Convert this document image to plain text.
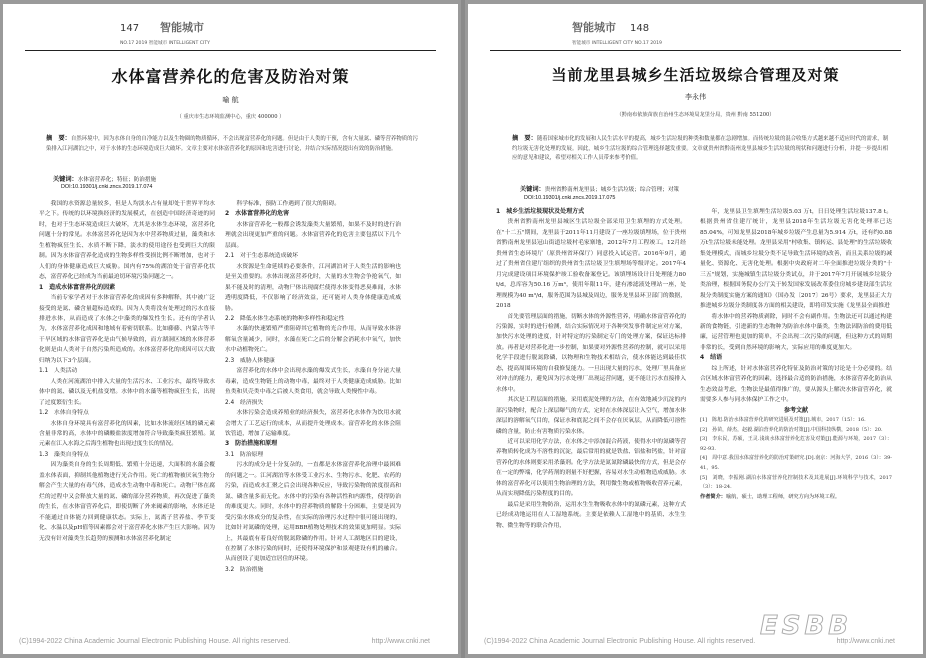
147 智能城市
NO.17 2019 智能城市 INTELLIGENT CITY
水体富营养化的危害及防治对策
喻 航
（ 重庆市生态环境监测中心，重庆 400000 ）
摘　要：自然环境中，因为水体自身的自净能力以及生物圈的物质循环，不会出现富营养化的问题。但是由于人类的干预，含有大量氮、磷等营养物质的污染排入江河湖泊之中，对于水体的生态环境造成巨大破坏。文章主要对水体富营养化的原因和危害进行讨论，并结合实际情况提出有效的防治措施。
关键词：水体富营养化；特征；防治措施
DOI:10.19301/j.cnki.zncs.2019.17.074

我国的水资源总量较多，但是人均淡水占有量却处于世界平均水平之下。传统的以环境换经济的发展模式，在创造中国经济奇迹的同时，也对于生态环境造成巨大破坏，尤其是水体生态环境，富营养化问题十分的常见。水体富营养化是因为水中营养物质过量，藻类和水生植物疯狂生长、水质不断下降，淡水的使用途径也受到巨大的限制。因为水体富营养化造成的生物多样性受损比例不断增加，也对于人们的身体健康造成巨大威胁。国内有75%的湖泊处于富营养化状态，富营养化已经成为当前最迫切环境污染问题之一。

1　造成水体富营养化的因素

当前专家学者对于水体富营养化的成因有多种解释，其中被广泛接受的是氮、磷含量超标造成的。因为人类将没有处理过的污水直接排进水体，从而造成了水体之中藻类的爆发性生长。还有的学者认为，水体富营养化成因和地域有着密切联系。比如藤藤、内蒙古等半干旱区域的水体富营养化是由气候导致的，而方湖洞区域的水体营养化则是由人类对于自然污染所造成的。水体富营养化的成因可以大致归纳为以下3个层面。

1.1　人类活动

人类在河流湖泊中排入大量的生活污水、工业污水，最终导致水体中的氮、磷以及无机盐变增。水体中的水藻等植物疯狂生长，出现了过度繁衍生长。

1.2　水体自身特点

水体自身环境具有富营养化的因素，比如水体流经区域的磷元素含量非常的高，水体中的磷酸盐浓度增加符合导致藻类疯狂繁殖。氮元素在江入水海之后海生植物也出现过度生长的情况。

1.3　藻类自身特点

因为藻类自身的生长周期低、繁殖十分迅速，大面积的水藻会覆盖水体表面，抑制其他植物进行光合作用。死亡的植物被厌氧生物分解会产生大量的有毒气体，造成水生动物中毒和死亡。动物尸体在腐烂的过程中又会释放大量的氮、磷的部分营养物质，再次促进了藻类的生长，在水体富营养化后，即使切断了外来阈素的影响，水体还是不能通过自体能力回到健康状态。实际上，氮离子营养盐、季节变化、水温以及pH值等因素都会对于富营养化水体产生巨大影响。因为无没有针对藻类生长趋势的预测和水体富营养化制定

科学标准，预防工作遇到了很大的阻碍。

2　水体富营养化的危害

水体富营养化一般都会诱发藻类大量繁殖，如果不及时的进行治理就会出现更加严重的问题。水体富营养化的危害主要包括以下几个层面。

2.1　对于生态系统造成破坏

水资源是生命延续的必要条件，江河湖泊对于人类生活的影响也是至关重要的。水体出现富营养化时，大量的水生物会争抢氧气，如果不能及时的清理，动物尸体出现腐烂使得水体变得恶臭难闻，水体透明度降低，不仅影响了经济效益，还可能对人类身体健康造成威胁。

2.2　降低水体生态系统的物种多样性和稳定性

水藻的快速繁殖严重阻碍其它植物的光合作用，从而导致水体溶解氧含量减少，同时，水藻在死亡之后的分解会消耗水中氧气，加快水中动植物死亡。

2.3　威胁人体健康

富营养化的水体中会出现水藻的爆发式生长，水藻自身分泌大量毒素，造成生物链上的动物中毒，最终对于人类健康造成威胁。比如鱼类和贝壳类中毒之后被人类食用，就会导致人类慢性中毒。

2.4　经济损失

水体污染会造成养殖业的经济损失，富营养化水体作为饮用水就会增大了工艺运行的成本，从而提升处理成本。富营养化的水体会阻饮管道，增加了运输难度。

3　防治措施和原理

3.1　防治原理

污水的成分是十分复杂的，一直都是水体富营养化治理中最困难的问题之一。江河湖泊等水体受工业污水、生物污水、化肥、农药的污染，而造成水汇聚之后会出现各种反应，导致污染物的浓度很高和氮、磷含量多而无化。水体中的污染有各种活性和内源性，使得防治的难度更大。同时，水体中的营养物质的解除十分困难，主要是因为受污染水体成分的复杂性，在实际的治理污水过程中很可能出现的，比如针对氮磷的处理，运用BBR植物处理技术的效果更加明显。实际上，其最底有着良好的脱氮除磷的作用。针对人工湖地区目的建设，在控制了水体污染的同时，还使得环境保护和景观建设有机的融合。从而创设了更加适宜居住的环境。

3.2　防治措施

(C)1994-2022 China Academic Journal Electronic Publishing House. All rights reserved.	http://www.cnki.net
148
智能城市
智能城市 INTELLIGENT CITY NO.17 2019
当前龙里县城乡生活垃圾综合管理及对策
李永伟
（黔南布依族苗族自治州生态环境局龙里分局，贵州 黔南 551200）
摘　要：随着国家城市化的发展和人民生活水平的提高，城乡生活垃圾的种类和数量都在急剧增加。而传统垃圾的混合收集方式越来越不适应时代的需求，制约垃圾无害化处理的发展。因此，城乡生活垃圾的综合管理选择越发重要。文章就贵州省黔南州龙里县城乡生活垃圾的现状和问题进行分析，并提一步提出相应的意见和建议，希望对相关工作人员带来参考价值。
关键词：贵州省黔南州龙里县；城乡生活垃圾；综合管理；对策
DOI:10.19301/j.cnki.zncs.2019.17.075

1　城乡生活垃圾现状及处理方式

贵州省黔南州龙里县城区生活垃圾全部采用卫生填埋的方式处理。在"十二五"期间，龙里县于2011年11月建设了一座垃圾填埋场，位于贵州省黔南州龙里县冠山街道垃圾村毛家寨地，2012年7月工程竣工。12月经贵州省生态环境厅（原贵州省环保厅）同意投入试运营。2016年9月，通过了贵州省住建厅组织的贵州省生活垃圾卫生填埋场等级评定。2017年4月完成建设项目环境保护竣工验收备案登记。该填埋场设计日处理能力80 t/d，总库容为50.16 万m³，使用年限11年，建有渗滤液处理站一座，处理规模为40 m³/d，服务范围为县城及周边，服务龙里县环卫部门的数据，2018

首先要管理层面的措施，切断水体的外源性营养，明确水体富营养化的污染源，实时的进行检测，结合实际情况对于各种突发事件制定应对方案，加快污水处理的进度，针对特定的污染制定专门的处理方案，保证达标排放。再者是对营养化进一步控制，如果要对外源性营养的控制，就可以采用化学手段进行脱氮除磷，以物理和生物技术相结合，使水体能达到最佳状态，提高周围环境的自我修复能力。一旦出现大量的污水，处理厂里具备应对冲击的能力，避免因为污水处理厂出现运营问题，更不能让污水直接排入水体中。

其次是工程层面的措施，采用底泥处理的方法，在有效地减少沉淀的内部污染物时，配合上深层曝气的方式，定时在水体深层让入空气，增加水体深层的溶解氧气目的，保证水和底泥之间不会存在厌氧层，从而降低可溶性磷的含量，防止有害物质污染水体。

近可以采用化学方法，在水体之中添加混合药液，使得水中的氮磷等营养物质转化成为不溶性的沉淀，最后常用的就是铁盐、铝盐和钙盐，针对富营养化的水体则要采用杀藻剂。化学方法是氮氮除磷最快的方式，但是会存在一定的弊端，化学药剂的剂量不好把握，容易对水生动植物造成威胁。水体的富营养化可以使用生物治理的方法，利用微生物或植物吸收营养元素，从而实现降低污染程度的目的。

最后是采用生物防治，运用水生生物吸收水体中的氮磷元素，这种方式已经成功地运用在人工湿地系统。主要是依赖人工湿地中的基质、水生生物、微生物等的联合作用，

年，龙里县卫生填埋生活垃圾5.03 万t，日日处理生活垃圾137.8 t。根据贵州省住建厅统计，龙里县2018年生活垃圾无害化处理率已达85.04%，可知龙里县2018年城乡垃圾产生总量为5.914 万t，还有约0.88 万t生活垃圾未能处理。龙里县采用"村收集、镇转运、县处理"的生活垃圾收集处理模式，而城乡垃圾分类不足导致生活环境的改善，而且关系垃圾的减量化、资源化、无害化处理。根据中央政府对二年全面推进垃圾分类的"十三五"规划，实施城镇生活垃圾分类试点，并于2017年7月开展城乡垃圾分类治理，根据国务院办公厅关于转发国家发展改革委住房城乡建设部生活垃圾分类制度实施方案的通知》（国办发〔2017〕26号）要求，龙里县正大力推进城乡垃圾分类制度各方面的相关建设，即将印发实施《龙里县全面推进

将水体中的营养物质剥除，同时不会有副作用。生物法还可以通过构建新的食物链，引进新的生态物种为防治水体中藻类，生物法因防治的费用低廉，运营管理也更加的简单，不会出现二次污染的问题，但这种方式的周期非常的长，受到自然环境的影响大，实际应用的难度更加大。

4　结语

综上所述，针对水体富营养化特征及防治对策的讨论是十分必要的。结合区域水体富营养化的因素，选择最合适的防治措施，水体富营养化防治从生态效益考虑，生物法是最值得推广的，要从源头上解决水体富营养化，就需要多人参与同水体保护工作之中。

参考文献

[1]　陈旭.防治水体富营养化的研究进展及对策[J].城市，2017（15）：16.

[2]　孙苗，薛杰，赵毅.湖泊营养化的防治对策[J].中国科技纵横，2018（5）：20.

[3]　李东民，苏硕，王灵.浅谈水体富营养化危害及对策[J].能源与环境，2017（3）：92-93.

[4]　周中意.我国水体富营养化的防治对策研究.[D].南京：河海大学，2016（3）：39-41，95.

[5]　刘晓，李振刚.湖泊水体富营养化控制技术及其进展[J].环境科学与技术，2017（3）：18-24.

作者简介：喻航，硕士，助理工程师，研究方向为环境工程。

(C)1994-2022 China Academic Journal Electronic Publishing House. All rights reserved.	http://www.cnki.net
ESBB
(爱思)·学术 深度 有趣·广阔
